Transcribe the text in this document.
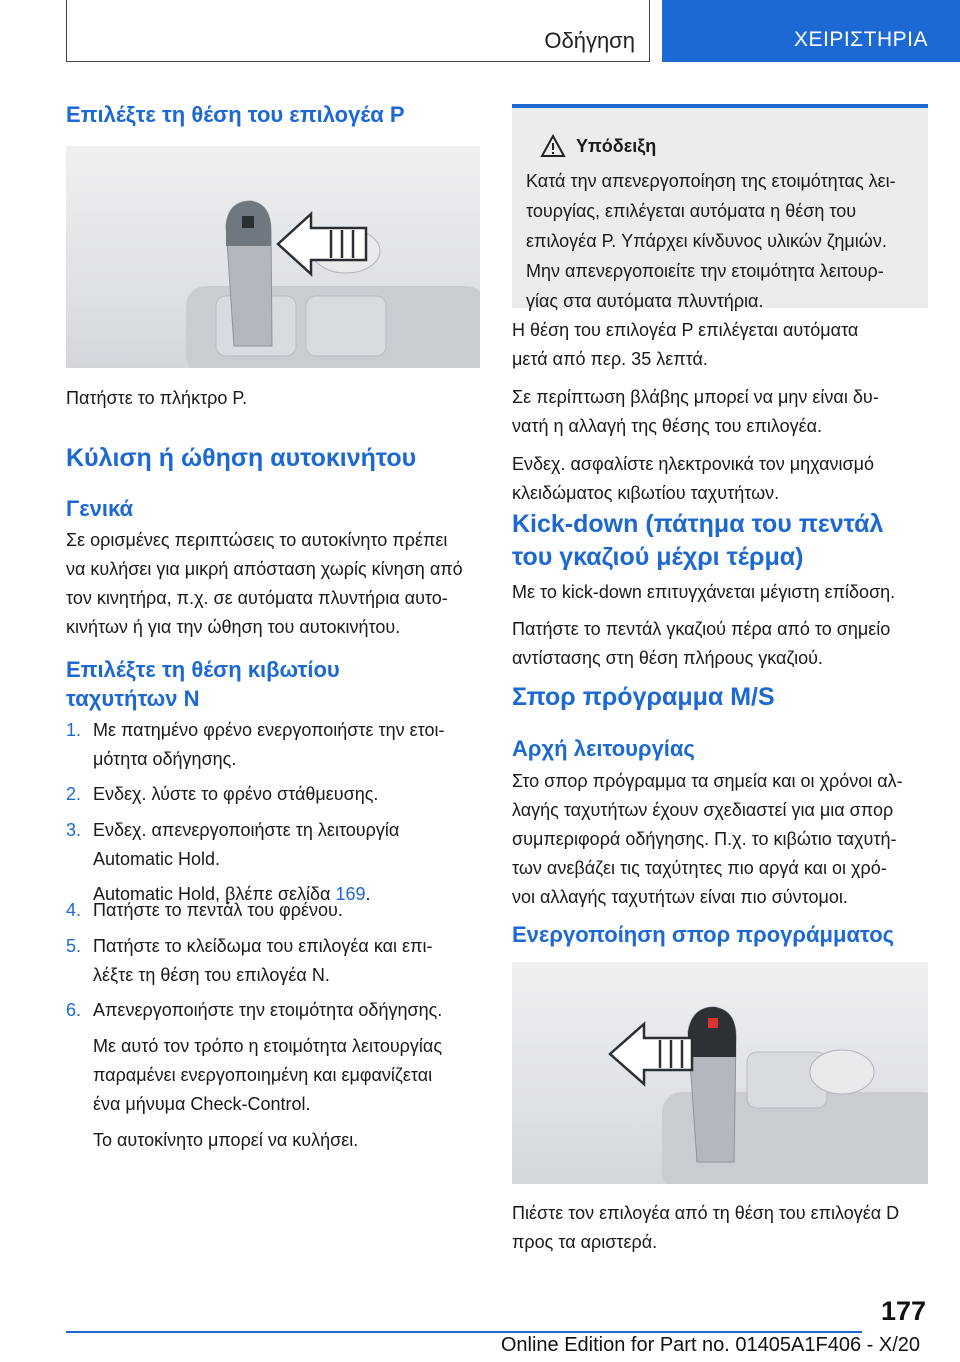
Οδήγηση	ΧΕΙΡΙΣΤΗΡΙΑ
Επιλέξτε τη θέση του επιλογέα P

Πατήστε το πλήκτρο P.

Κύλιση ή ώθηση αυτοκινήτου
Γενικά

Σε ορισμένες περιπτώσεις το αυτοκίνητο πρέπει

να κυλήσει για μικρή απόσταση χωρίς κίνηση από

τον κινητήρα, π.χ. σε αυτόματα πλυντήρια αυτο-

κινήτων ή για την ώθηση του αυτοκινήτου.

Επιλέξτε τη θέση κιβωτίου
ταχυτήτων N
1. Με πατημένο φρένο ενεργοποιήστε την ετοι-
μότητα οδήγησης.
2. Ενδεχ. λύστε το φρένο στάθμευσης.
3. Ενδεχ. απενεργοποιήστε τη λειτουργία
Automatic Hold.
Automatic Hold, βλέπε σελίδα 169.
4. Πατήστε το πεντάλ του φρένου.
5. Πατήστε το κλείδωμα του επιλογέα και επι-
λέξτε τη θέση του επιλογέα N.
6. Απενεργοποιήστε την ετοιμότητα οδήγησης.
Με αυτό τον τρόπο η ετοιμότητα λειτουργίας
παραμένει ενεργοποιημένη και εμφανίζεται
ένα μήνυμα Check-Control.
Το αυτοκίνητο μπορεί να κυλήσει.
Υπόδειξη
Κατά την απενεργοποίηση της ετοιμότητας λει-
τουργίας, επιλέγεται αυτόματα η θέση του
επιλογέα P. Υπάρχει κίνδυνος υλικών ζημιών.
Μην απενεργοποιείτε την ετοιμότητα λειτουρ-
γίας στα αυτόματα πλυντήρια.

Η θέση του επιλογέα P επιλέγεται αυτόματα

μετά από περ. 35 λεπτά.

Σε περίπτωση βλάβης μπορεί να μην είναι δυ-

νατή η αλλαγή της θέσης του επιλογέα.

Ενδεχ. ασφαλίστε ηλεκτρονικά τον μηχανισμό

κλειδώματος κιβωτίου ταχυτήτων.

Kick-down (πάτημα του πεντάλ
του γκαζιού μέχρι τέρμα)

Με το kick-down επιτυγχάνεται μέγιστη επίδοση.

Πατήστε το πεντάλ γκαζιού πέρα από το σημείο

αντίστασης στη θέση πλήρους γκαζιού.

Σπορ πρόγραμμα M/S
Αρχή λειτουργίας

Στο σπορ πρόγραμμα τα σημεία και οι χρόνοι αλ-

λαγής ταχυτήτων έχουν σχεδιαστεί για μια σπορ

συμπεριφορά οδήγησης. Π.χ. το κιβώτιο ταχυτή-

των ανεβάζει τις ταχύτητες πιο αργά και οι χρό-

νοι αλλαγής ταχυτήτων είναι πιο σύντομοι.

Ενεργοποίηση σπορ προγράμματος

Πιέστε τον επιλογέα από τη θέση του επιλογέα D

προς τα αριστερά.

177
Online Edition for Part no. 01405A1F406 - X/20
